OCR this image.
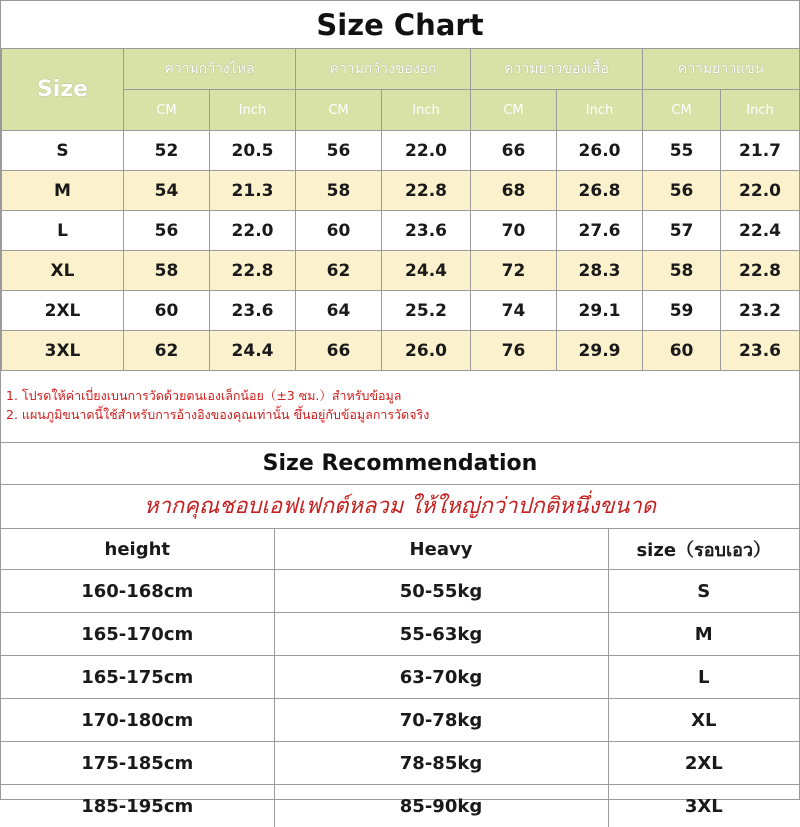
Size Chart
Size	ความกว้างไหล่		ความกว้างของอก		ความยาวของเสื้อ		ความยาวแขน	
	CM	Inch	CM	Inch	CM	Inch	CM	Inch
S	52	20.5	56	22.0	66	26.0	55	21.7
M	54	21.3	58	22.8	68	26.8	56	22.0
L	56	22.0	60	23.6	70	27.6	57	22.4
XL	58	22.8	62	24.4	72	28.3	58	22.8
2XL	60	23.6	64	25.2	74	29.1	59	23.2
3XL	62	24.4	66	26.0	76	29.9	60	23.6
1. โปรดให้ค่าเบี่ยงเบนการวัดด้วยตนเองเล็กน้อย（±3 ซม.）สำหรับข้อมูล
2. แผนภูมิขนาดนี้ใช้สำหรับการอ้างอิงของคุณเท่านั้น ขึ้นอยู่กับข้อมูลการวัดจริง
Size Recommendation
หากคุณชอบเอฟเฟกต์หลวม ให้ใหญ่กว่าปกติหนึ่งขนาด
height	Heavy	size（รอบเอว）
160-168cm	50-55kg	S
165-170cm	55-63kg	M
165-175cm	63-70kg	L
170-180cm	70-78kg	XL
175-185cm	78-85kg	2XL
185-195cm	85-90kg	3XL
